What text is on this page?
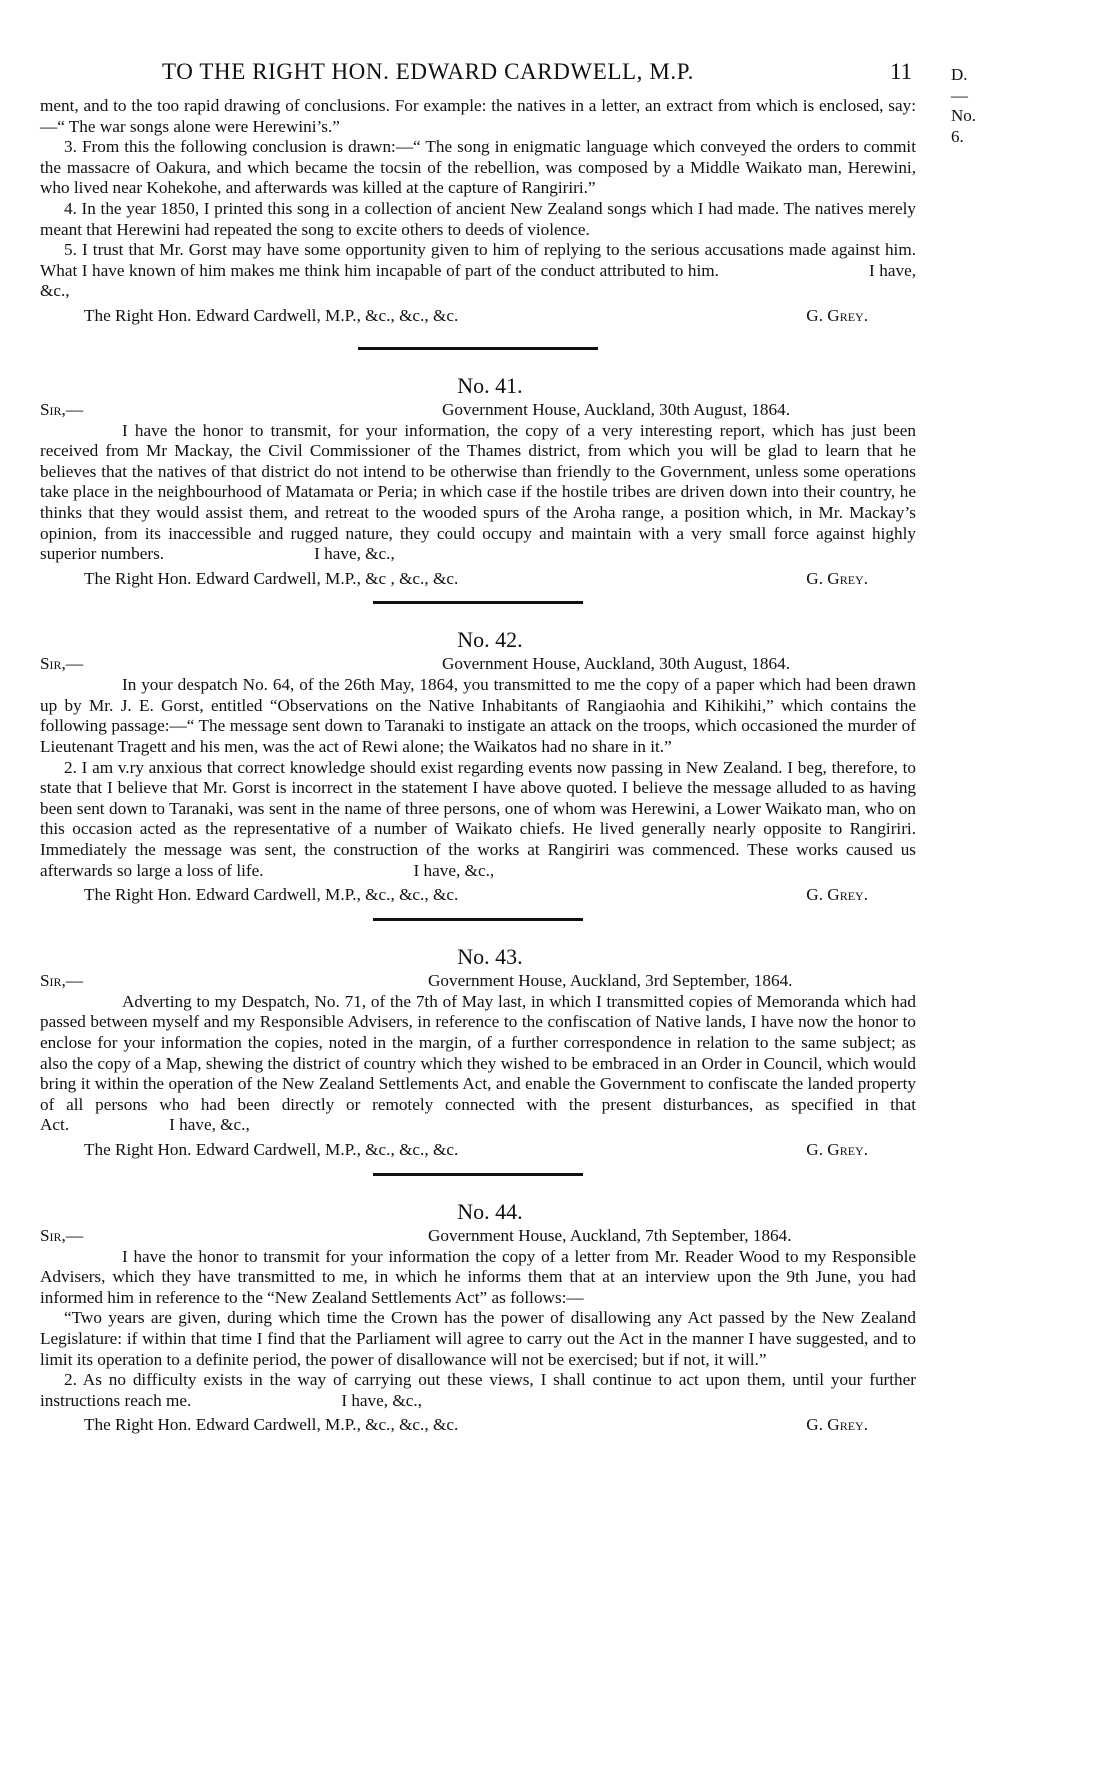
TO THE RIGHT HON. EDWARD CARDWELL, M.P.	11 D.—No. 6.

ment, and to the too rapid drawing of conclusions. For example: the natives in a letter, an extract from which is enclosed, say:—“ The war songs alone were Herewini’s.”

3. From this the following conclusion is drawn:—“ The song in enigmatic language which conveyed the orders to commit the massacre of Oakura, and which became the tocsin of the rebellion, was composed by a Middle Waikato man, Herewini, who lived near Kohekohe, and afterwards was killed at the capture of Rangiriri.”

4. In the year 1850, I printed this song in a collection of ancient New Zealand songs which I had made. The natives merely meant that Herewini had repeated the song to excite others to deeds of violence.

5. I trust that Mr. Gorst may have some opportunity given to him of replying to the serious accusations made against him. What I have known of him makes me think him incapable of part of the conduct attributed to him.	I have, &c.,

The Right Hon. Edward Cardwell, M.P., &c., &c., &c.	G. Grey.
No. 41.
Sir,—	Government House, Auckland, 30th August, 1864.

I have the honor to transmit, for your information, the copy of a very interesting report, which has just been received from Mr Mackay, the Civil Commissioner of the Thames district, from which you will be glad to learn that he believes that the natives of that district do not intend to be otherwise than friendly to the Government, unless some operations take place in the neighbourhood of Matamata or Peria; in which case if the hostile tribes are driven down into their country, he thinks that they would assist them, and retreat to the wooded spurs of the Aroha range, a position which, in Mr. Mackay’s opinion, from its inaccessible and rugged nature, they could occupy and maintain with a very small force against highly superior numbers.	I have, &c.,

The Right Hon. Edward Cardwell, M.P., &c , &c., &c.	G. Grey.
No. 42.
Sir,—	Government House, Auckland, 30th August, 1864.

In your despatch No. 64, of the 26th May, 1864, you transmitted to me the copy of a paper which had been drawn up by Mr. J. E. Gorst, entitled “Observations on the Native Inhabitants of Rangiaohia and Kihikihi,” which contains the following passage:—“ The message sent down to Taranaki to instigate an attack on the troops, which occasioned the murder of Lieutenant Tragett and his men, was the act of Rewi alone; the Waikatos had no share in it.”

2. I am v.ry anxious that correct knowledge should exist regarding events now passing in New Zealand. I beg, therefore, to state that I believe that Mr. Gorst is incorrect in the statement I have above quoted. I believe the message alluded to as having been sent down to Taranaki, was sent in the name of three persons, one of whom was Herewini, a Lower Waikato man, who on this occasion acted as the representative of a number of Waikato chiefs. He lived generally nearly opposite to Rangiriri. Immediately the message was sent, the construction of the works at Rangiriri was commenced. These works caused us afterwards so large a loss of life.	I have, &c.,

The Right Hon. Edward Cardwell, M.P., &c., &c., &c.	G. Grey.
No. 43.
Sir,—	Government House, Auckland, 3rd September, 1864.

Adverting to my Despatch, No. 71, of the 7th of May last, in which I transmitted copies of Memoranda which had passed between myself and my Responsible Advisers, in reference to the confiscation of Native lands, I have now the honor to enclose for your information the copies, noted in the margin, of a further correspondence in relation to the same subject; as also the copy of a Map, shewing the district of country which they wished to be embraced in an Order in Council, which would bring it within the operation of the New Zealand Settlements Act, and enable the Government to confiscate the landed property of all persons who had been directly or remotely connected with the present disturbances, as specified in that Act.	I have, &c.,

The Right Hon. Edward Cardwell, M.P., &c., &c., &c.	G. Grey.
No. 44.
Sir,—	Government House, Auckland, 7th September, 1864.

I have the honor to transmit for your information the copy of a letter from Mr. Reader Wood to my Responsible Advisers, which they have transmitted to me, in which he informs them that at an interview upon the 9th June, you had informed him in reference to the “New Zealand Settlements Act” as follows:—

“Two years are given, during which time the Crown has the power of disallowing any Act passed by the New Zealand Legislature: if within that time I find that the Parliament will agree to carry out the Act in the manner I have suggested, and to limit its operation to a definite period, the power of disallowance will not be exercised; but if not, it will.”

2. As no difficulty exists in the way of carrying out these views, I shall continue to act upon them, until your further instructions reach me.	I have, &c.,

The Right Hon. Edward Cardwell, M.P., &c., &c., &c.	G. Grey.
